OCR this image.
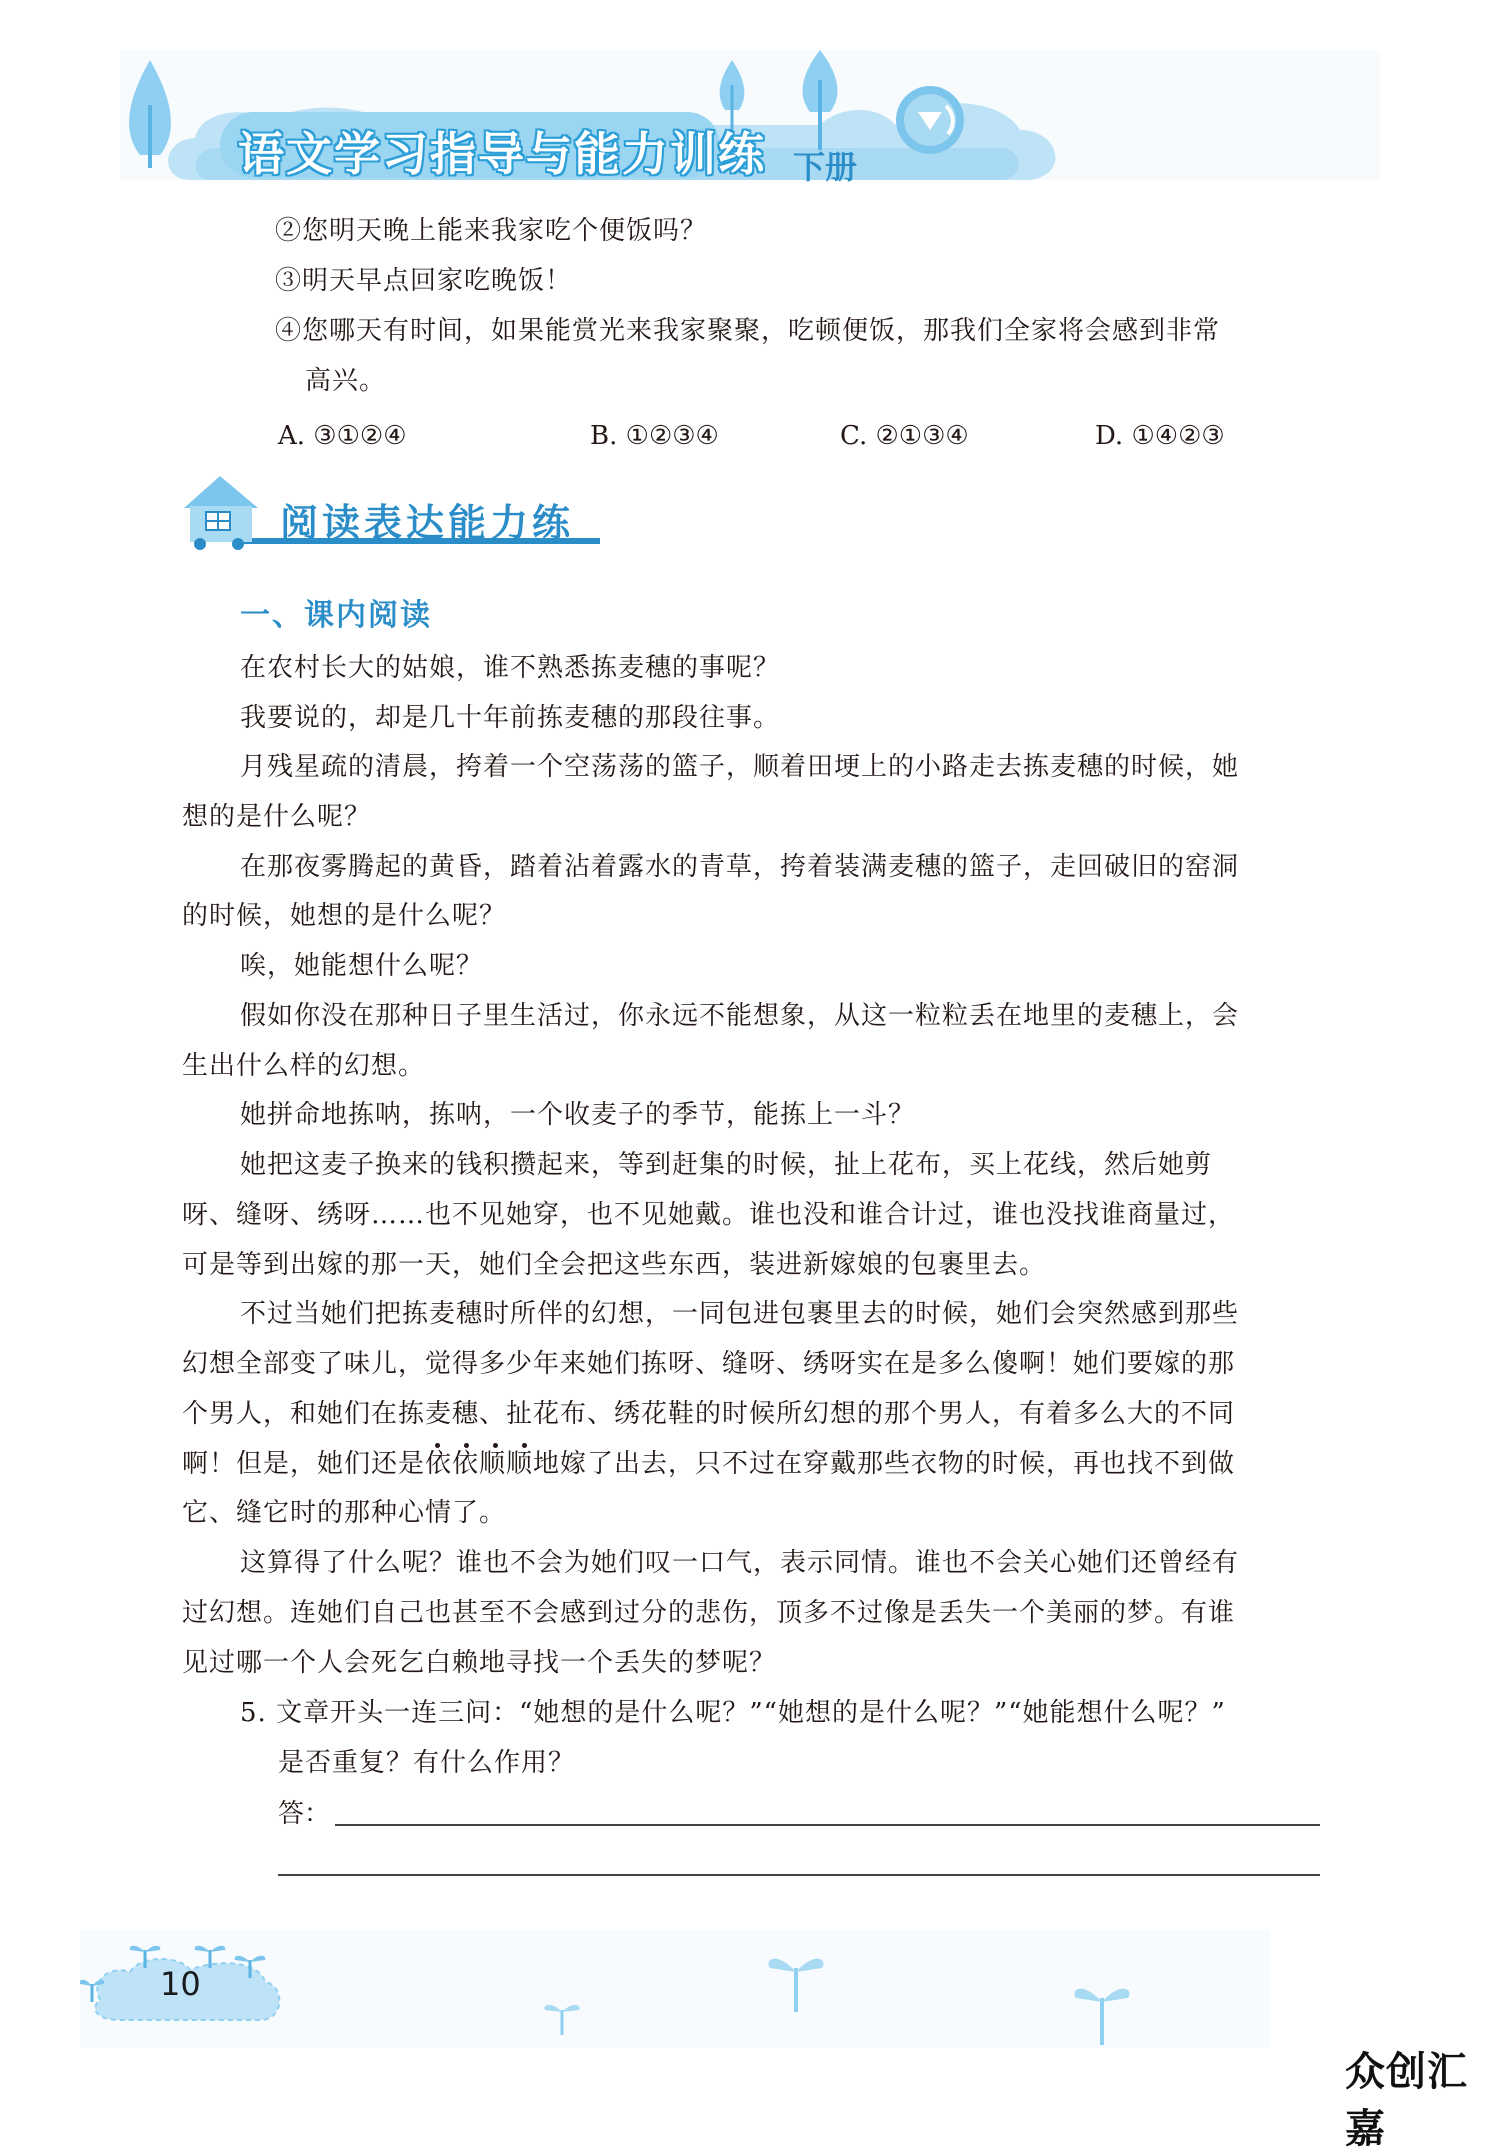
语文学习指导与能力训练 下册
②您明天晚上能来我家吃个便饭吗？
③明天早点回家吃晚饭！
④您哪天有时间，如果能赏光来我家聚聚，吃顿便饭，那我们全家将会感到非常
高兴。
A. ③①②④	B. ①②③④	C. ②①③④	D. ①④②③
阅读表达能力练
一、课内阅读
在农村长大的姑娘，谁不熟悉拣麦穗的事呢？
我要说的，却是几十年前拣麦穗的那段往事。
月残星疏的清晨，挎着一个空荡荡的篮子，顺着田埂上的小路走去拣麦穗的时候，她
想的是什么呢？
在那夜雾腾起的黄昏，踏着沾着露水的青草，挎着装满麦穗的篮子，走回破旧的窑洞
的时候，她想的是什么呢？
唉，她能想什么呢？
假如你没在那种日子里生活过，你永远不能想象，从这一粒粒丢在地里的麦穗上，会
生出什么样的幻想。
她拼命地拣呐，拣呐，一个收麦子的季节，能拣上一斗？
她把这麦子换来的钱积攒起来，等到赶集的时候，扯上花布，买上花线，然后她剪
呀、缝呀、绣呀……也不见她穿，也不见她戴。谁也没和谁合计过，谁也没找谁商量过，
可是等到出嫁的那一天，她们全会把这些东西，装进新嫁娘的包裹里去。
不过当她们把拣麦穗时所伴的幻想，一同包进包裹里去的时候，她们会突然感到那些
幻想全部变了味儿，觉得多少年来她们拣呀、缝呀、绣呀实在是多么傻啊！她们要嫁的那
个男人，和她们在拣麦穗、扯花布、绣花鞋的时候所幻想的那个男人，有着多么大的不同
啊！但是，她们还是依依顺顺
地嫁了出去，只不过在穿戴那些衣物的时候，再也找不到做
它、缝它时的那种心情了。
这算得了什么呢？谁也不会为她们叹一口气，表示同情。谁也不会关心她们还曾经有
过幻想。连她们自己也甚至不会感到过分的悲伤，顶多不过像是丢失一个美丽的梦。有谁
见过哪一个人会死乞白赖地寻找一个丢失的梦呢？
5. 文章开头一连三问：“她想的是什么呢？”“她想的是什么呢？”“她能想什么呢？”
是否重复？有什么作用？
答：
10
众创汇嘉
